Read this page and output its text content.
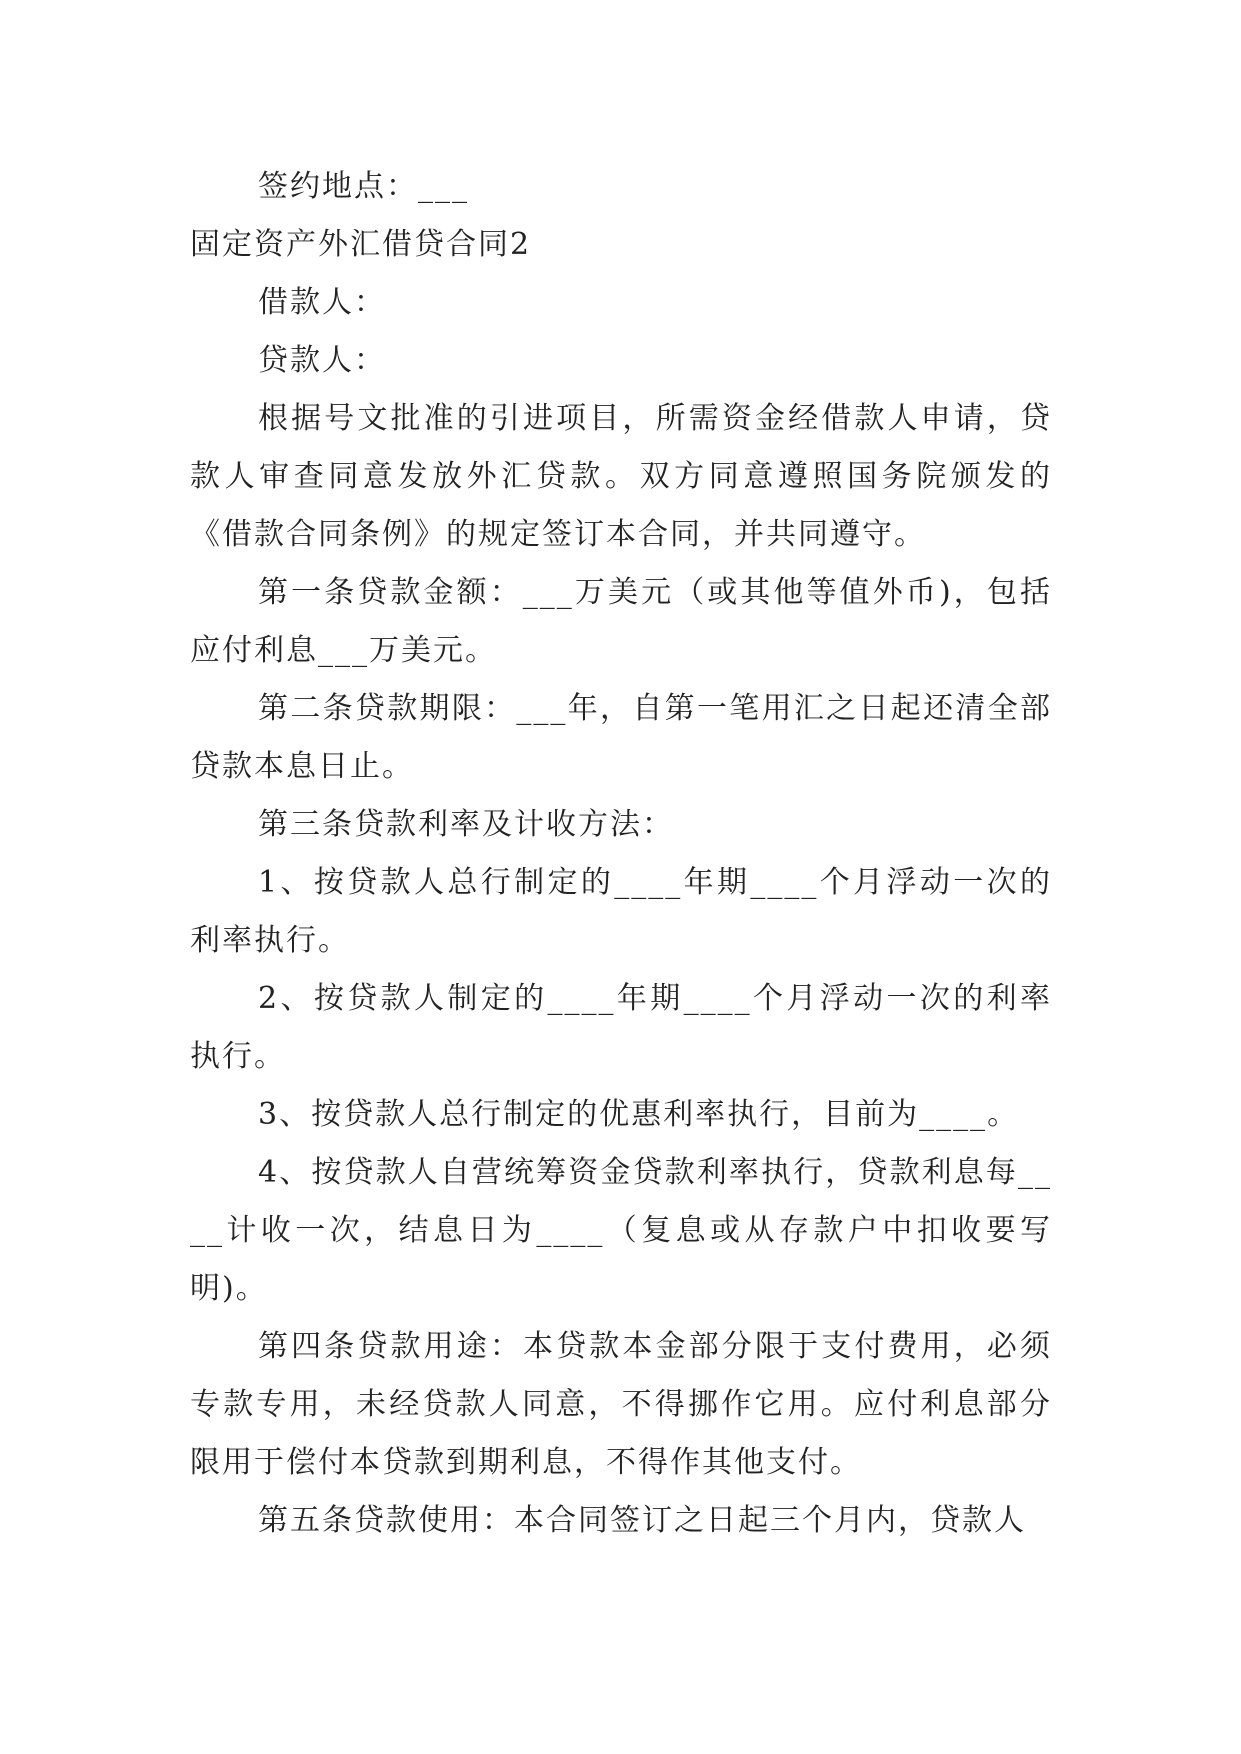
签约地点：___

固定资产外汇借贷合同2

借款人：

贷款人：

根据号文批准的引进项目，所需资金经借款人申请，贷款人审查同意发放外汇贷款。双方同意遵照国务院颁发的《借款合同条例》的规定签订本合同，并共同遵守。

第一条贷款金额：___万美元（或其他等值外币)，包括应付利息___万美元。

第二条贷款期限：___年，自第一笔用汇之日起还清全部贷款本息日止。

第三条贷款利率及计收方法：

1、按贷款人总行制定的____年期____个月浮动一次的利率执行。

2、按贷款人制定的____年期____个月浮动一次的利率执行。

3、按贷款人总行制定的优惠利率执行，目前为____。

4、按贷款人自营统筹资金贷款利率执行，贷款利息每____计收一次，结息日为____（复息或从存款户中扣收要写明)。

第四条贷款用途：本贷款本金部分限于支付费用，必须专款专用，未经贷款人同意，不得挪作它用。应付利息部分限用于偿付本贷款到期利息，不得作其他支付。

第五条贷款使用：本合同签订之日起三个月内，贷款人
